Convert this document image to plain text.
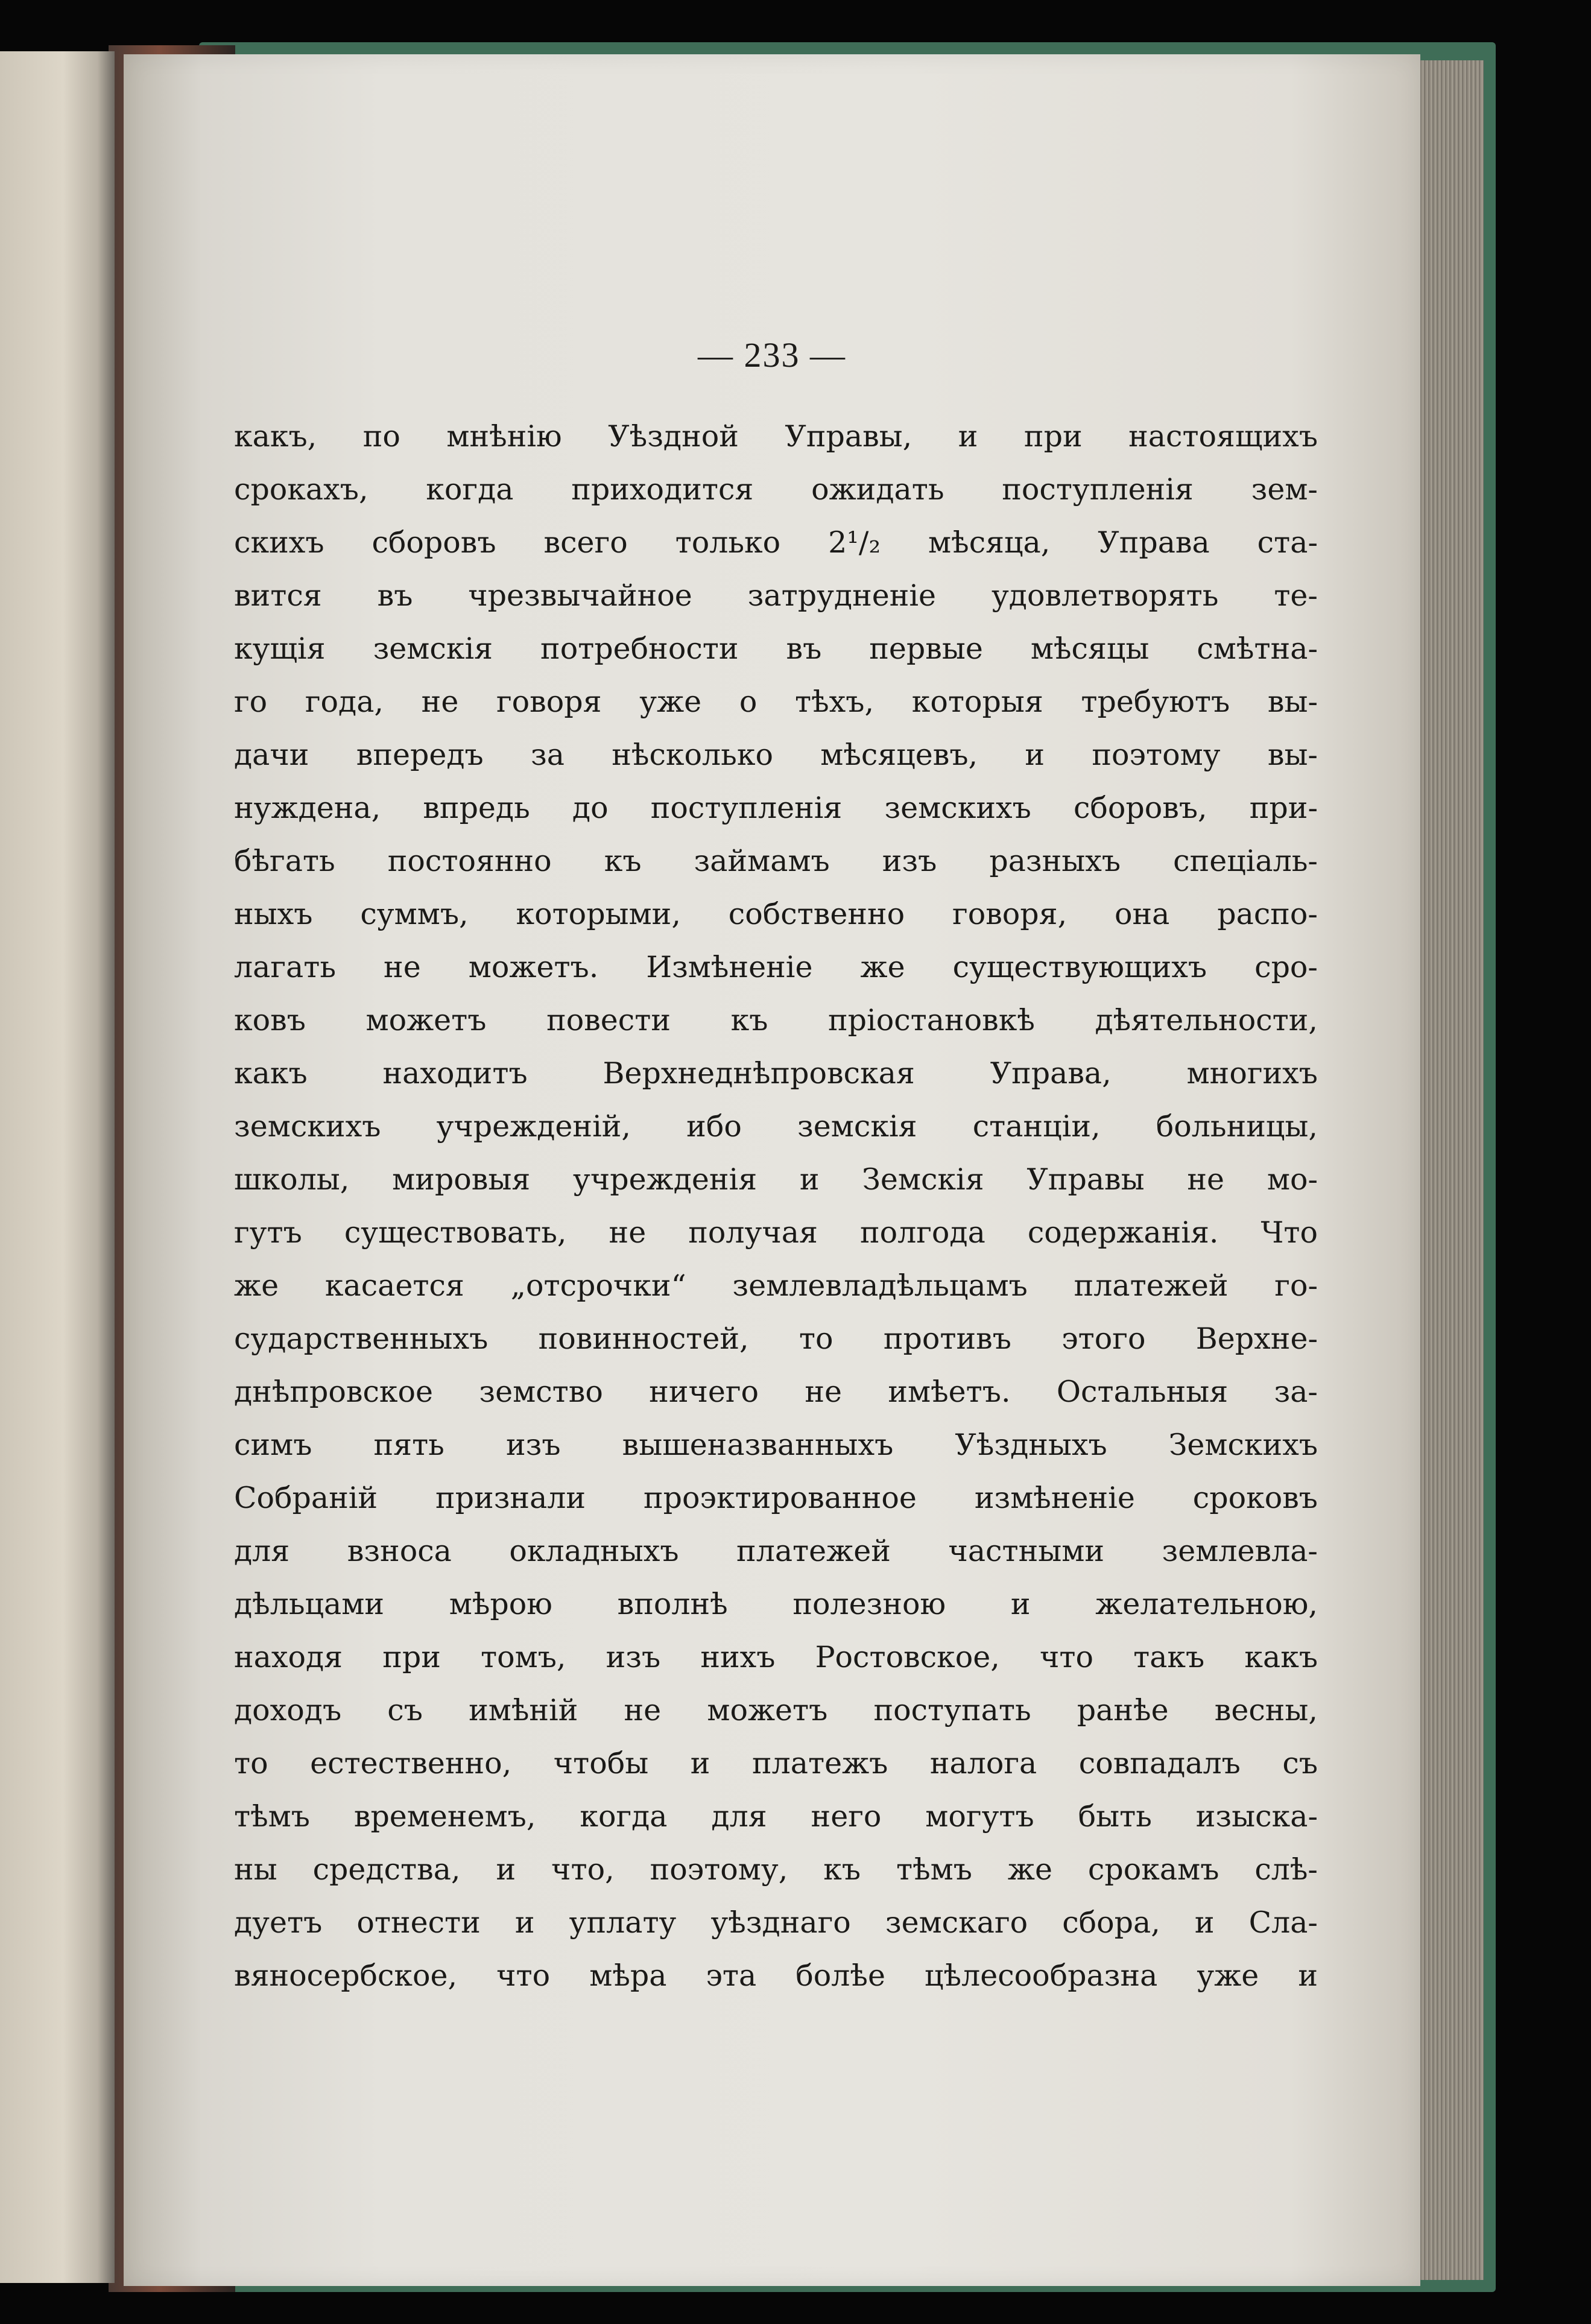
— 233 —
какъ, по мнѣнію Уѣздной Управы, и при настоящихъ
срокахъ, когда приходится ожидать поступленія зем-
скихъ сборовъ всего только 2¹/₂ мѣсяца, Управа ста-
вится въ чрезвычайное затрудненіе удовлетворять те-
кущія земскія потребности въ первые мѣсяцы смѣтна-
го года, не говоря уже о тѣхъ, которыя требуютъ вы-
дачи впередъ за нѣсколько мѣсяцевъ, и поэтому вы-
нуждена, впредь до поступленія земскихъ сборовъ, при-
бѣгать постоянно къ займамъ изъ разныхъ спеціаль-
ныхъ суммъ, которыми, собственно говоря, она распо-
лагать не можетъ. Измѣненіе же существующихъ сро-
ковъ можетъ повести къ пріостановкѣ дѣятельности,
какъ находитъ Верхнеднѣпровская Управа, многихъ
земскихъ учрежденій, ибо земскія станціи, больницы,
школы, мировыя учрежденія и Земскія Управы не мо-
гутъ существовать, не получая полгода содержанія. Что
же касается „отсрочки“ землевладѣльцамъ платежей го-
сударственныхъ повинностей, то противъ этого Верхне-
днѣпровское земство ничего не имѣетъ. Остальныя за-
симъ пять изъ вышеназванныхъ Уѣздныхъ Земскихъ
Собраній признали проэктированное измѣненіе сроковъ
для взноса окладныхъ платежей частными землевла-
дѣльцами мѣрою вполнѣ полезною и желательною,
находя при томъ, изъ нихъ Ростовское, что такъ какъ
доходъ съ имѣній не можетъ поступать ранѣе весны,
то естественно, чтобы и платежъ налога совпадалъ съ
тѣмъ временемъ, когда для него могутъ быть изыска-
ны средства, и что, поэтому, къ тѣмъ же срокамъ слѣ-
дуетъ отнести и уплату уѣзднаго земскаго сбора, и Сла-
вяносербское, что мѣра эта болѣе цѣлесообразна уже и
